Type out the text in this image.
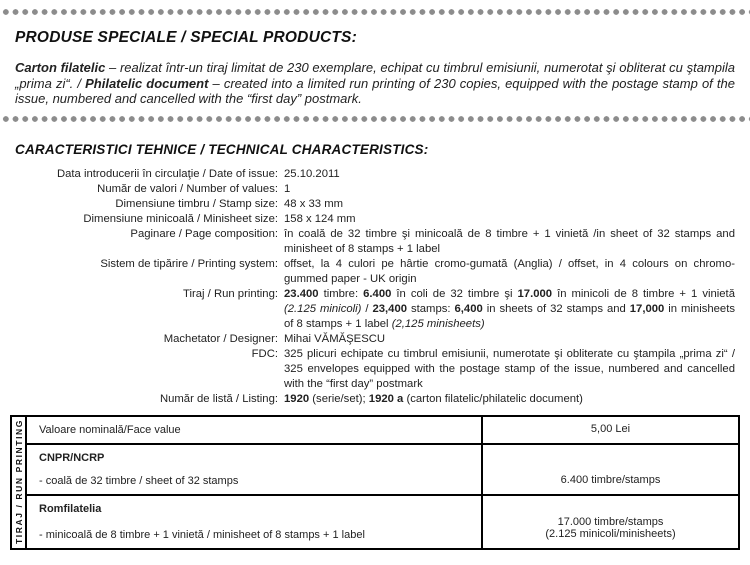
PRODUSE SPECIALE / SPECIAL PRODUCTS:

Carton filatelic – realizat într-un tiraj limitat de 230 exemplare, echipat cu timbrul emisiunii, numerotat şi obliterat cu ştampila „prima zi“. / Philatelic document – created into a limited run printing of 230 copies, equipped with the postage stamp of the issue, numbered and cancelled with the “first day” postmark.

CARACTERISTICI TEHNICE / TECHNICAL CHARACTERISTICS:
Data introducerii în circulaţie / Date of issue: 25.10.2011
Număr de valori / Number of values: 1
Dimensiune timbru / Stamp size: 48 x 33 mm
Dimensiune minicoală / Minisheet size: 158 x 124 mm
Paginare / Page composition: în coală de 32 timbre şi minicoală de 8 timbre + 1 vinietă /in sheet of 32 stamps and minisheet of 8 stamps + 1 label
Sistem de tipărire / Printing system: offset, la 4 culori pe hârtie cromo-gumată (Anglia) / offset, in 4 colours on chromo-gummed paper - UK origin
Tiraj / Run printing: 23.400 timbre: 6.400 în coli de 32 timbre şi 17.000 în minicoli de 8 timbre + 1 vinietă (2.125 minicoli) / 23,400 stamps: 6,400 in sheets of 32 stamps and 17,000 in minisheets of 8 stamps + 1 label (2,125 minisheets)
Machetator / Designer: Mihai VĂMĂŞESCU
FDC: 325 plicuri echipate cu timbrul emisiunii, numerotate şi obliterate cu ştampila „prima zi“ / 325 envelopes equipped with the postage stamp of the issue, numbered and cancelled with the “first day” postmark
Număr de listă / Listing: 1920 (serie/set); 1920 a (carton filatelic/philatelic document)
TIRAJ / RUN PRINTING Valoare nominală/Face value	5,00 Lei
CNPR/NCRP
- coală de 32 timbre / sheet of 32 stamps	6.400 timbre/stamps
Romfilatelia
- minicoală de 8 timbre + 1 vinietă / minisheet of 8 stamps + 1 label
17.000 timbre/stamps
(2.125 minicoli/minisheets)
